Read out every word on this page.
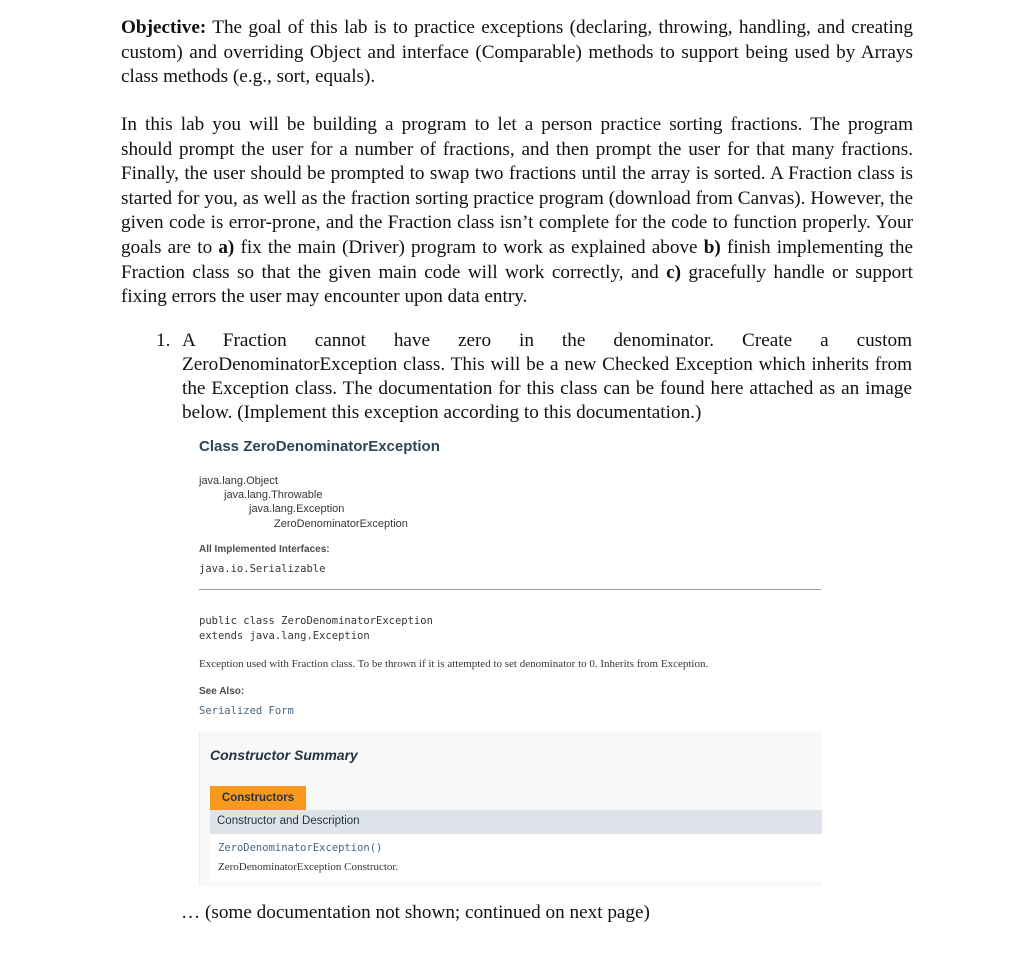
Objective: The goal of this lab is to practice exceptions (declaring, throwing, handling, and creating custom) and overriding Object and interface (Comparable) methods to support being used by Arrays class methods (e.g., sort, equals).
In this lab you will be building a program to let a person practice sorting fractions. The program should prompt the user for a number of fractions, and then prompt the user for that many fractions. Finally, the user should be prompted to swap two fractions until the array is sorted. A Fraction class is started for you, as well as the fraction sorting practice program (download from Canvas). However, the given code is error-prone, and the Fraction class isn’t complete for the code to function properly. Your goals are to a) fix the main (Driver) program to work as explained above b) finish implementing the Fraction class so that the given main code will work correctly, and c) gracefully handle or support fixing errors the user may encounter upon data entry.
1. A Fraction cannot have zero in the denominator. Create a custom
ZeroDenominatorException class. This will be a new Checked Exception which inherits from the Exception class. The documentation for this class can be found here attached as an image below. (Implement this exception according to this documentation.)
Class ZeroDenominatorException
java.lang.Object
java.lang.Throwable
java.lang.Exception
ZeroDenominatorException
All Implemented Interfaces:
java.io.Serializable
public class ZeroDenominatorException
extends java.lang.Exception
Exception used with Fraction class. To be thrown if it is attempted to set denominator to 0. Inherits from Exception.
See Also:
Serialized Form
Constructor Summary
Constructors
Constructor and Description
ZeroDenominatorException()
ZeroDenominatorException Constructor.
… (some documentation not shown; continued on next page)
